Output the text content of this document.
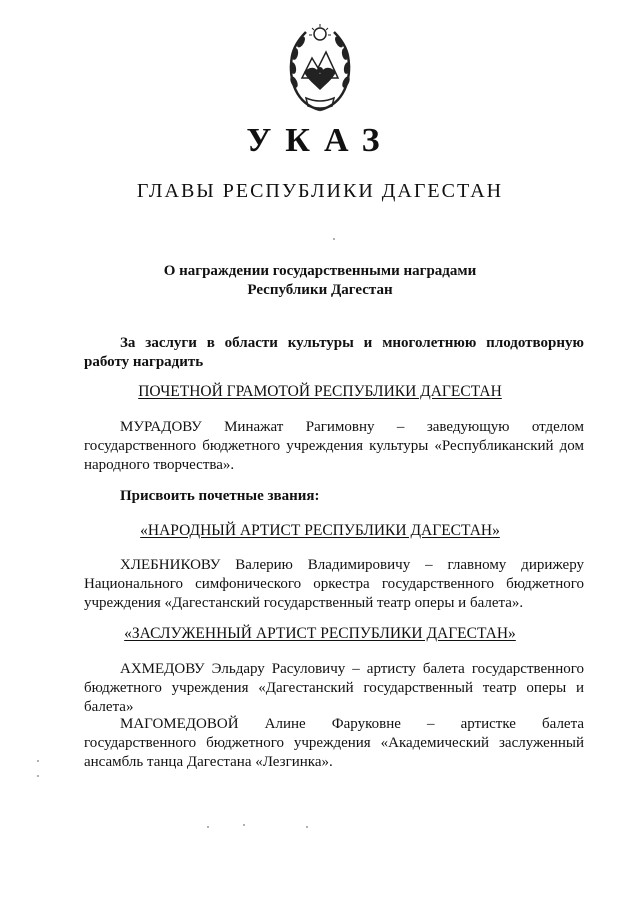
УКАЗ
ГЛАВЫ РЕСПУБЛИКИ ДАГЕСТАН
О награждении государственными наградами
Республики Дагестан
За заслуги в области культуры и многолетнюю плодотворную работу наградить
ПОЧЕТНОЙ ГРАМОТОЙ РЕСПУБЛИКИ ДАГЕСТАН
МУРАДОВУ Минажат Рагимовну – заведующую отделом государственного бюджетного учреждения культуры «Республиканский дом народного творчества».
Присвоить почетные звания:
«НАРОДНЫЙ АРТИСТ РЕСПУБЛИКИ ДАГЕСТАН»
ХЛЕБНИКОВУ Валерию Владимировичу – главному дирижеру Национального симфонического оркестра государственного бюджетного учреждения «Дагестанский государственный театр оперы и балета».
«ЗАСЛУЖЕННЫЙ АРТИСТ РЕСПУБЛИКИ ДАГЕСТАН»
АХМЕДОВУ Эльдару Расуловичу – артисту балета государственного бюджетного учреждения «Дагестанский государственный театр оперы и балета»
МАГОМЕДОВОЙ Алине Фаруковне – артистке балета государственного бюджетного учреждения «Академический заслуженный ансамбль танца Дагестана «Лезгинка».
